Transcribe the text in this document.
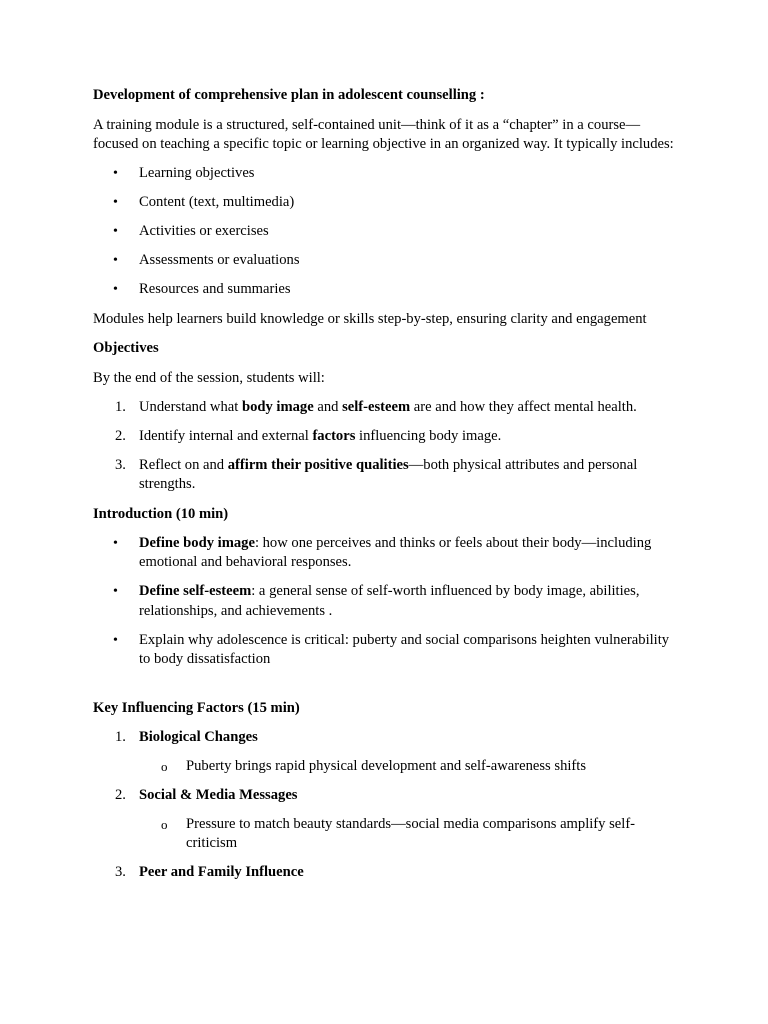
Development of comprehensive plan in adolescent counselling :

A training module is a structured, self-contained unit—think of it as a “chapter” in a course—focused on teaching a specific topic or learning objective in an organized way. It typically includes:

• Learning objectives
• Content (text, multimedia)
• Activities or exercises
• Assessments or evaluations
• Resources and summaries

Modules help learners build knowledge or skills step-by-step, ensuring clarity and engagement

Objectives

By the end of the session, students will:

1. Understand what body image and self-esteem are and how they affect mental health.
2. Identify internal and external factors influencing body image.
3. Reflect on and affirm their positive qualities—both physical attributes and personal strengths.

Introduction (10 min)

• Define body image: how one perceives and thinks or feels about their body—including emotional and behavioral responses.
• Define self-esteem: a general sense of self-worth influenced by body image, abilities, relationships, and achievements .
• Explain why adolescence is critical: puberty and social comparisons heighten vulnerability to body dissatisfaction

Key Influencing Factors (15 min)

1. Biological Changes
o Puberty brings rapid physical development and self-awareness shifts
2. Social & Media Messages
o Pressure to match beauty standards—social media comparisons amplify self-criticism
3. Peer and Family Influence
